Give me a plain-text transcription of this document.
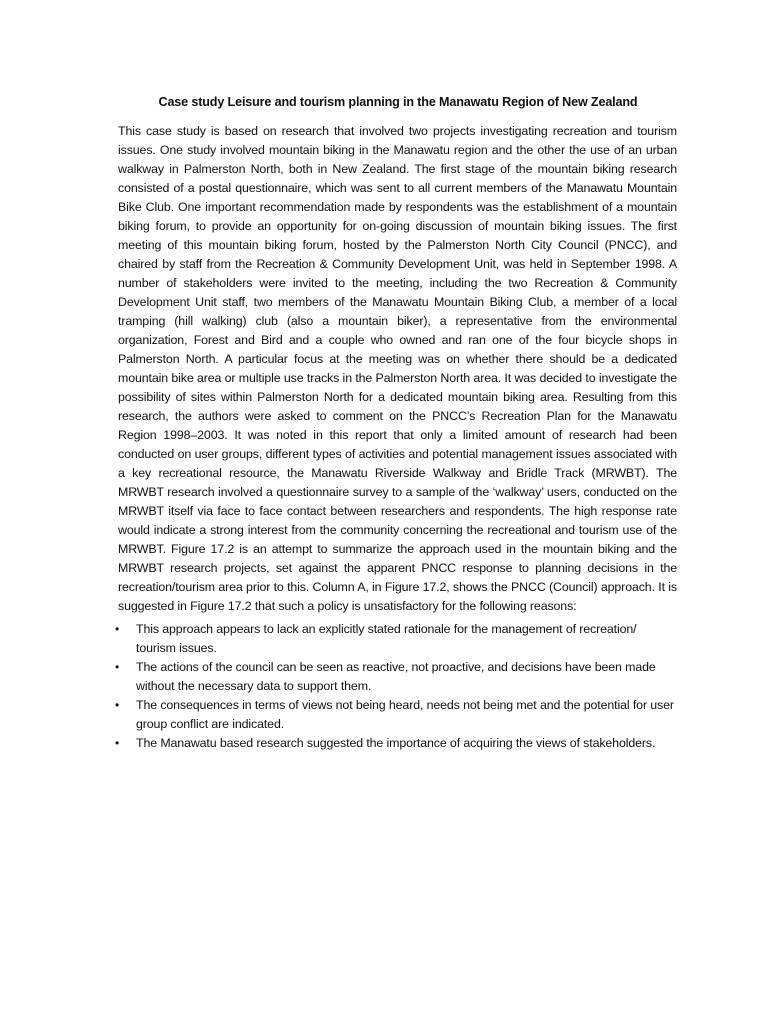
Case study Leisure and tourism planning in the Manawatu Region of New Zealand

This case study is based on research that involved two projects investigating recreation and tourism issues. One study involved mountain biking in the Manawatu region and the other the use of an urban walkway in Palmerston North, both in New Zealand. The first stage of the mountain biking research consisted of a postal questionnaire, which was sent to all current members of the Manawatu Mountain Bike Club. One important recommendation made by respondents was the establishment of a mountain biking forum, to provide an opportunity for on-going discussion of mountain biking issues. The first meeting of this mountain biking forum, hosted by the Palmerston North City Council (PNCC), and chaired by staff from the Recreation & Community Development Unit, was held in September 1998. A number of stakeholders were invited to the meeting, including the two Recreation & Community Development Unit staff, two members of the Manawatu Mountain Biking Club, a member of a local tramping (hill walking) club (also a mountain biker), a representative from the environmental organization, Forest and Bird and a couple who owned and ran one of the four bicycle shops in Palmerston North. A particular focus at the meeting was on whether there should be a dedicated mountain bike area or multiple use tracks in the Palmerston North area. It was decided to investigate the possibility of sites within Palmerston North for a dedicated mountain biking area. Resulting from this research, the authors were asked to comment on the PNCC’s Recreation Plan for the Manawatu Region 1998–2003. It was noted in this report that only a limited amount of research had been conducted on user groups, different types of activities and potential management issues associated with a key recreational resource, the Manawatu Riverside Walkway and Bridle Track (MRWBT). The MRWBT research involved a questionnaire survey to a sample of the ‘walkway’ users, conducted on the MRWBT itself via face to face contact between researchers and respondents. The high response rate would indicate a strong interest from the community concerning the recreational and tourism use of the MRWBT. Figure 17.2 is an attempt to summarize the approach used in the mountain biking and the MRWBT research projects, set against the apparent PNCC response to planning decisions in the recreation/tourism area prior to this. Column A, in Figure 17.2, shows the PNCC (Council) approach. It is suggested in Figure 17.2 that such a policy is unsatisfactory for the following reasons:

•	This approach appears to lack an explicitly stated rationale for the management of recreation/ tourism issues.
•	The actions of the council can be seen as reactive, not proactive, and decisions have been made without the necessary data to support them.
•	The consequences in terms of views not being heard, needs not being met and the potential for user group conflict are indicated.
•	The Manawatu based research suggested the importance of acquiring the views of stakeholders.
